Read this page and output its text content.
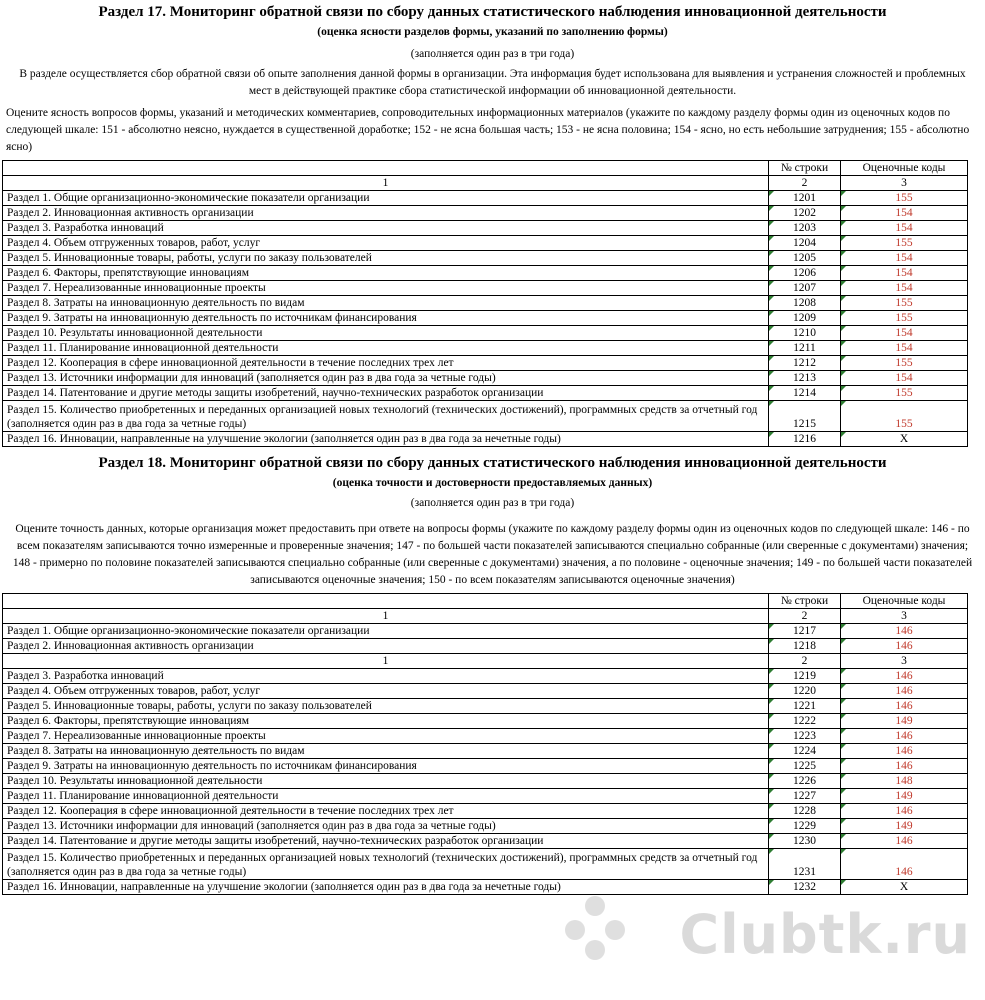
Раздел 17. Мониторинг обратной связи по сбору данных статистического наблюдения инновационной деятельности
(оценка ясности разделов формы, указаний по заполнению формы)
(заполняется один раз в три года)

В разделе осуществляется сбор обратной связи об опыте заполнения данной формы в организации. Эта информация будет использована для выявления и устранения сложностей и проблемных мест в действующей практике сбора статистической информации об инновационной деятельности.

Оцените ясность вопросов формы, указаний и методических комментариев, сопроводительных информационных материалов (укажите по каждому разделу формы один из оценочных кодов по следующей шкале: 151 - абсолютно неясно, нуждается в существенной доработке; 152 - не ясна большая часть; 153 - не ясна половина; 154 - ясно, но есть небольшие затруднения; 155 - абсолютно ясно)

	№ строки	Оценочные коды
1	2	3
Раздел 1. Общие организационно-экономические показатели организации	1201	155
Раздел 2. Инновационная активность организации	1202	154
Раздел 3. Разработка инноваций	1203	154
Раздел 4. Объем отгруженных товаров, работ, услуг	1204	155
Раздел 5. Инновационные товары, работы, услуги по заказу пользователей	1205	154
Раздел 6. Факторы, препятствующие инновациям	1206	154
Раздел 7. Нереализованные инновационные проекты	1207	154
Раздел 8. Затраты на инновационную деятельность по видам	1208	155
Раздел 9. Затраты на инновационную деятельность по источникам финансирования	1209	155
Раздел 10. Результаты инновационной деятельности	1210	154
Раздел 11. Планирование инновационной деятельности	1211	154
Раздел 12. Кооперация в сфере инновационной деятельности в течение последних трех лет	1212	155
Раздел 13. Источники информации для инноваций (заполняется один раз в два года за четные годы)	1213	154
Раздел 14. Патентование и другие методы защиты изобретений, научно-технических разработок организации	1214	155
Раздел 15. Количество приобретенных и переданных организацией новых технологий (технических достижений), программных средств за отчетный год (заполняется один раз в два года за четные годы)	1215	155
Раздел 16. Инновации, направленные на улучшение экологии (заполняется один раз в два года за нечетные годы)	1216	Х
Раздел 18. Мониторинг обратной связи по сбору данных статистического наблюдения инновационной деятельности
(оценка точности и достоверности предоставляемых данных)
(заполняется один раз в три года)

Оцените точность данных, которые организация может предоставить при ответе на вопросы формы (укажите по каждому разделу формы один из оценочных кодов по следующей шкале: 146 - по всем показателям записываются точно измеренные и проверенные значения; 147 - по большей части показателей записываются специально собранные (или сверенные с документами) значения; 148 - примерно по половине показателей записываются специально собранные (или сверенные с документами) значения, а по половине - оценочные значения; 149 - по большей части показателей записываются оценочные значения; 150 - по всем показателям записываются оценочные значения)

	№ строки	Оценочные коды
1	2	3
Раздел 1. Общие организационно-экономические показатели организации	1217	146
Раздел 2. Инновационная активность организации	1218	146
1	2	3
Раздел 3. Разработка инноваций	1219	146
Раздел 4. Объем отгруженных товаров, работ, услуг	1220	146
Раздел 5. Инновационные товары, работы, услуги по заказу пользователей	1221	146
Раздел 6. Факторы, препятствующие инновациям	1222	149
Раздел 7. Нереализованные инновационные проекты	1223	146
Раздел 8. Затраты на инновационную деятельность по видам	1224	146
Раздел 9. Затраты на инновационную деятельность по источникам финансирования	1225	146
Раздел 10. Результаты инновационной деятельности	1226	148
Раздел 11. Планирование инновационной деятельности	1227	149
Раздел 12. Кооперация в сфере инновационной деятельности в течение последних трех лет	1228	146
Раздел 13. Источники информации для инноваций (заполняется один раз в два года за четные годы)	1229	149
Раздел 14. Патентование и другие методы защиты изобретений, научно-технических разработок организации	1230	146
Раздел 15. Количество приобретенных и переданных организацией новых технологий (технических достижений), программных средств за отчетный год (заполняется один раз в два года за четные годы)	1231	146
Раздел 16. Инновации, направленные на улучшение экологии (заполняется один раз в два года за нечетные годы)	1232	Х
Clubtk.ru
